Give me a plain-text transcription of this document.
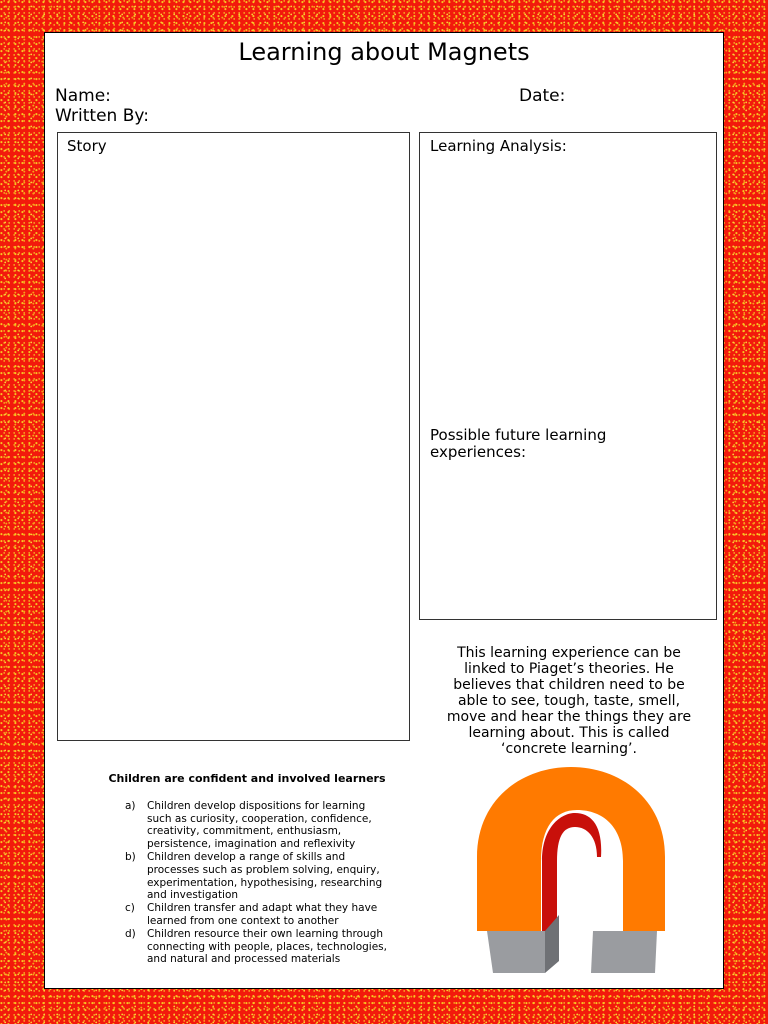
Learning about Magnets
Name:	Date:
Written By:
Story	Learning Analysis:
Possible future learning experiences:
This learning experience can be linked to Piaget’s theories. He believes that children need to be able to see, tough, taste, smell, move and hear the things they are learning about. This is called ‘concrete learning’.
Children are confident and involved learners
a)	Children develop dispositions for learning such as curiosity, cooperation, confidence, creativity, commitment, enthusiasm, persistence, imagination and reflexivity
b)	Children develop a range of skills and processes such as problem solving, enquiry, experimentation, hypothesising, researching and investigation
c)	Children transfer and adapt what they have learned from one context to another
d)	Children resource their own learning through connecting with people, places, technologies, and natural and processed materials
